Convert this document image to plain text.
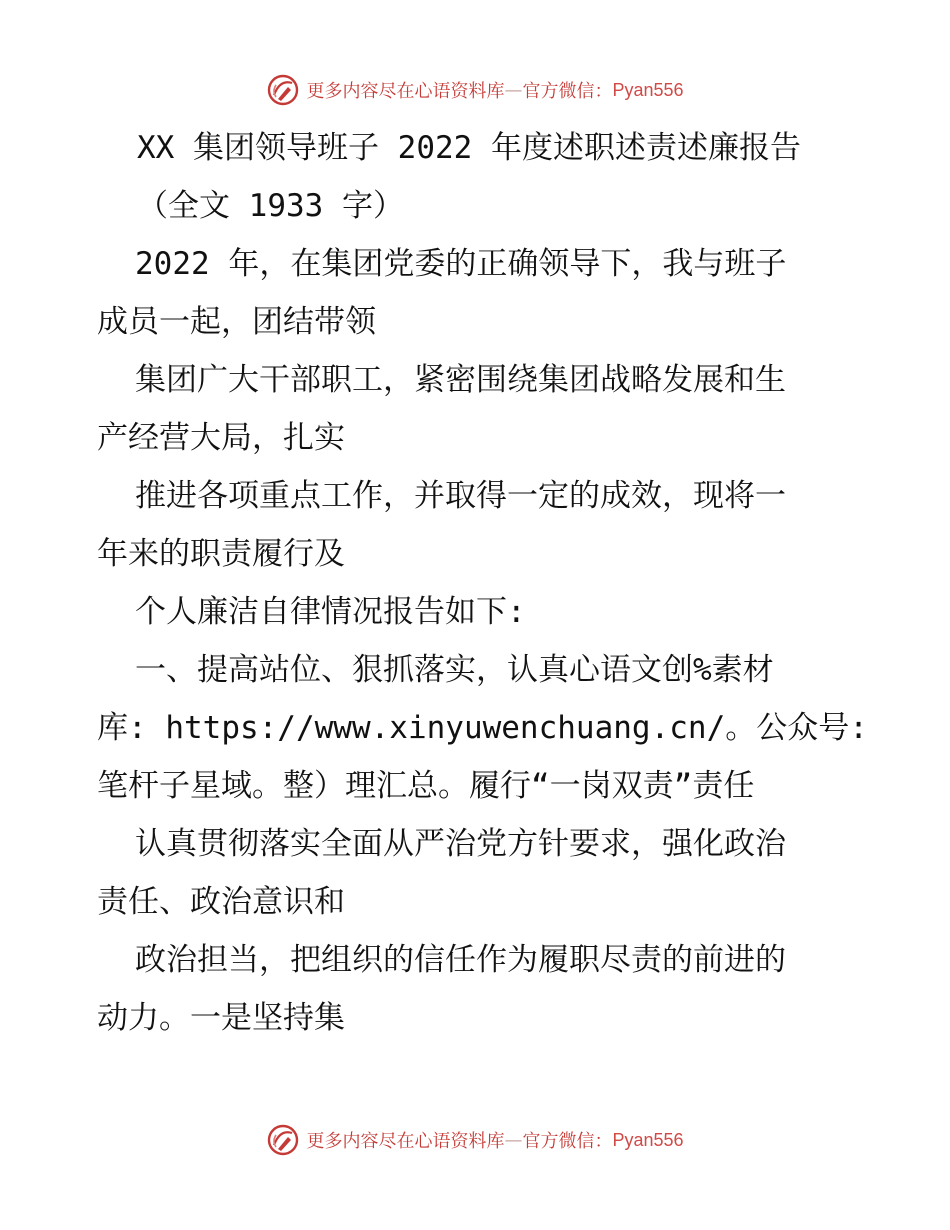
更多内容尽在心语资料库 — 官方微信： Pyan556
XX 集团领导班子 2022 年度述职述责述廉报告
（全文 1933 字）
2022 年，在集团党委的正确领导下，我与班子
成员一起，团结带领
集团广大干部职工，紧密围绕集团战略发展和生
产经营大局，扎实
推进各项重点工作，并取得一定的成效，现将一
年来的职责履行及
个人廉洁自律情况报告如下:
一、提高站位、狠抓落实，认真心语文创%素材
库: https://www.xinyuwenchuang.cn/。公众号:
笔杆子星域。整）理汇总。履行“一岗双责”责任
认真贯彻落实全面从严治党方针要求，强化政治
责任、政治意识和
政治担当，把组织的信任作为履职尽责的前进的
动力。一是坚持集
更多内容尽在心语资料库 — 官方微信： Pyan556
